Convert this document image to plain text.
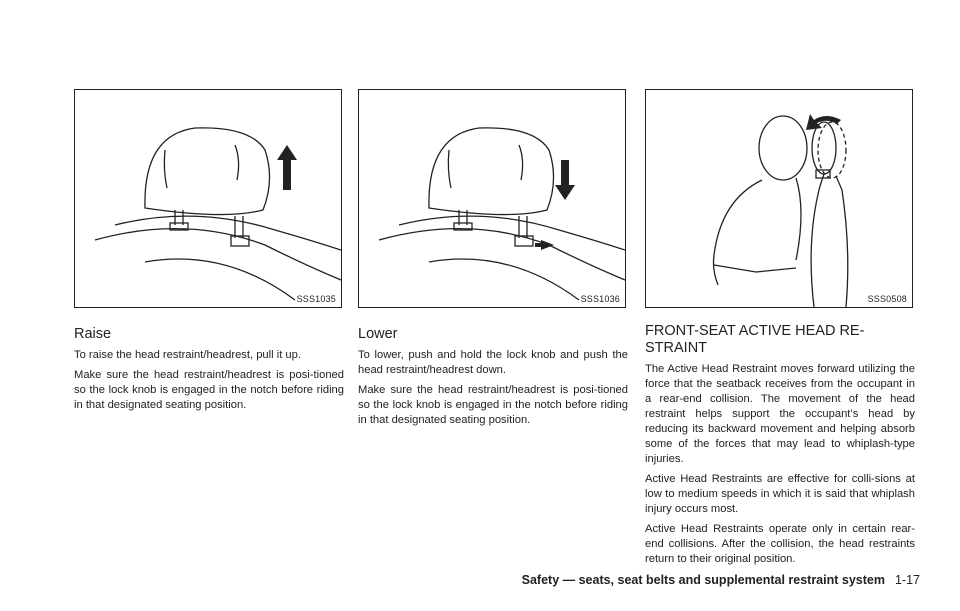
SSS1035
Raise

To raise the head restraint/headrest, pull it up.

Make sure the head restraint/headrest is posi-tioned so the lock knob is engaged in the notch before riding in that designated seating position.

SSS1036
Lower

To lower, push and hold the lock knob and push the head restraint/headrest down.

Make sure the head restraint/headrest is posi-tioned so the lock knob is engaged in the notch before riding in that designated seating position.

SSS0508
FRONT-SEAT ACTIVE HEAD RE-STRAINT

The Active Head Restraint moves forward utilizing the force that the seatback receives from the occupant in a rear-end collision. The movement of the head restraint helps support the occupant’s head by reducing its backward movement and helping absorb some of the forces that may lead to whiplash-type injuries.

Active Head Restraints are effective for colli-sions at low to medium speeds in which it is said that whiplash injury occurs most.

Active Head Restraints operate only in certain rear-end collisions. After the collision, the head restraints return to their original position.

Safety — seats, seat belts and supplemental restraint system 1-17
